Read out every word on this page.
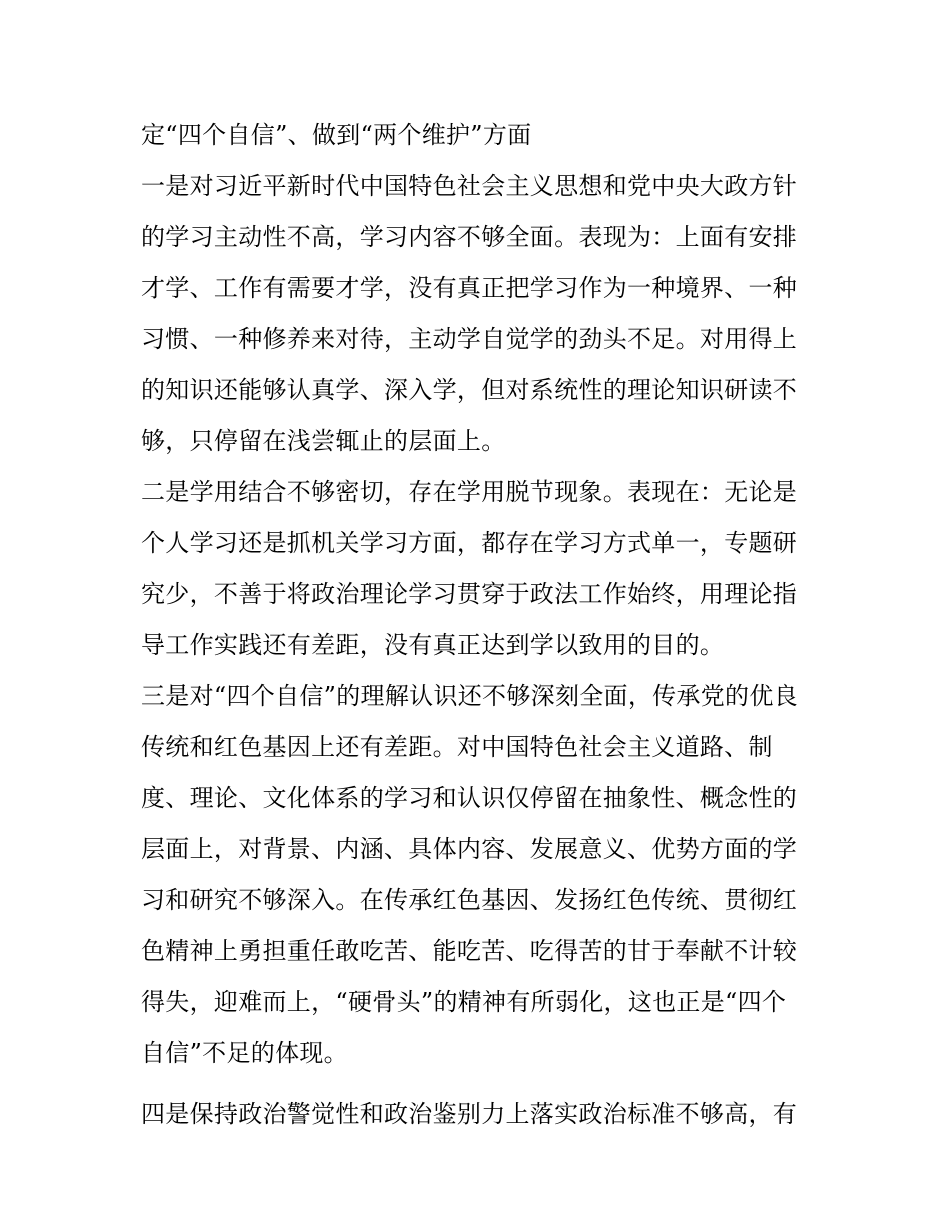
定“四个自信”、做到“两个维护”方面
一是对习近平新时代中国特色社会主义思想和党中央大政方针
的学习主动性不高，学习内容不够全面。表现为：上面有安排
才学、工作有需要才学，没有真正把学习作为一种境界、一种
习惯、一种修养来对待，主动学自觉学的劲头不足。对用得上
的知识还能够认真学、深入学，但对系统性的理论知识研读不
够，只停留在浅尝辄止的层面上。
二是学用结合不够密切，存在学用脱节现象。表现在：无论是
个人学习还是抓机关学习方面，都存在学习方式单一，专题研
究少，不善于将政治理论学习贯穿于政法工作始终，用理论指
导工作实践还有差距，没有真正达到学以致用的目的。
三是对“四个自信”的理解认识还不够深刻全面，传承党的优良
传统和红色基因上还有差距。对中国特色社会主义道路、制
度、理论、文化体系的学习和认识仅停留在抽象性、概念性的
层面上，对背景、内涵、具体内容、发展意义、优势方面的学
习和研究不够深入。在传承红色基因、发扬红色传统、贯彻红
色精神上勇担重任敢吃苦、能吃苦、吃得苦的甘于奉献不计较
得失，迎难而上，“硬骨头”的精神有所弱化，这也正是“四个
自信”不足的体现。
四是保持政治警觉性和政治鉴别力上落实政治标准不够高，有
